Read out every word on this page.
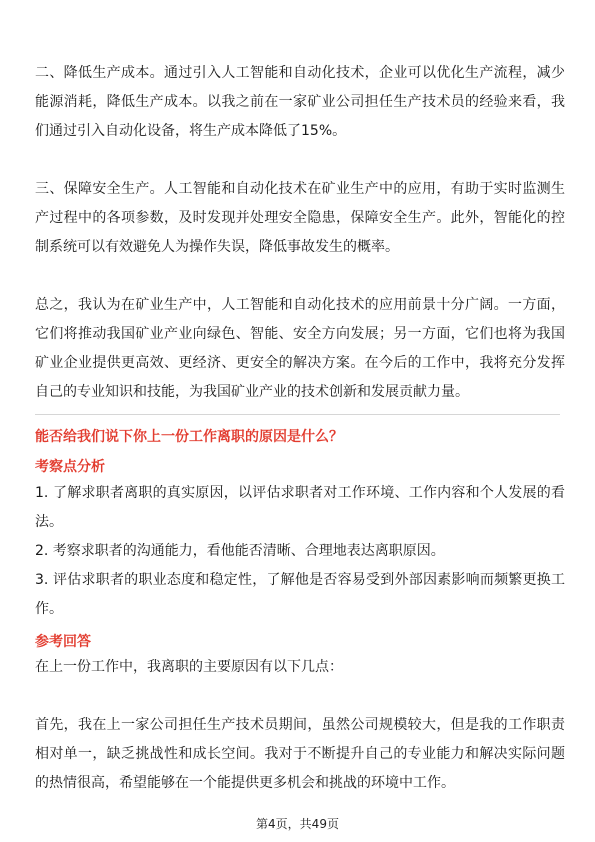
二、降低生产成本。通过引入人工智能和自动化技术，企业可以优化生产流程，减少能源消耗，降低生产成本。以我之前在一家矿业公司担任生产技术员的经验来看，我们通过引入自动化设备，将生产成本降低了15%。

三、保障安全生产。人工智能和自动化技术在矿业生产中的应用，有助于实时监测生产过程中的各项参数，及时发现并处理安全隐患，保障安全生产。此外，智能化的控制系统可以有效避免人为操作失误，降低事故发生的概率。

总之，我认为在矿业生产中，人工智能和自动化技术的应用前景十分广阔。一方面，它们将推动我国矿业产业向绿色、智能、安全方向发展；另一方面，它们也将为我国矿业企业提供更高效、更经济、更安全的解决方案。在今后的工作中，我将充分发挥自己的专业知识和技能，为我国矿业产业的技术创新和发展贡献力量。

能否给我们说下你上一份工作离职的原因是什么？

考察点分析

1. 了解求职者离职的真实原因，以评估求职者对工作环境、工作内容和个人发展的看法。

2. 考察求职者的沟通能力，看他能否清晰、合理地表达离职原因。

3. 评估求职者的职业态度和稳定性，了解他是否容易受到外部因素影响而频繁更换工作。

参考回答

在上一份工作中，我离职的主要原因有以下几点：

首先，我在上一家公司担任生产技术员期间，虽然公司规模较大，但是我的工作职责相对单一，缺乏挑战性和成长空间。我对于不断提升自己的专业能力和解决实际问题的热情很高，希望能够在一个能提供更多机会和挑战的环境中工作。

第4页，共49页
